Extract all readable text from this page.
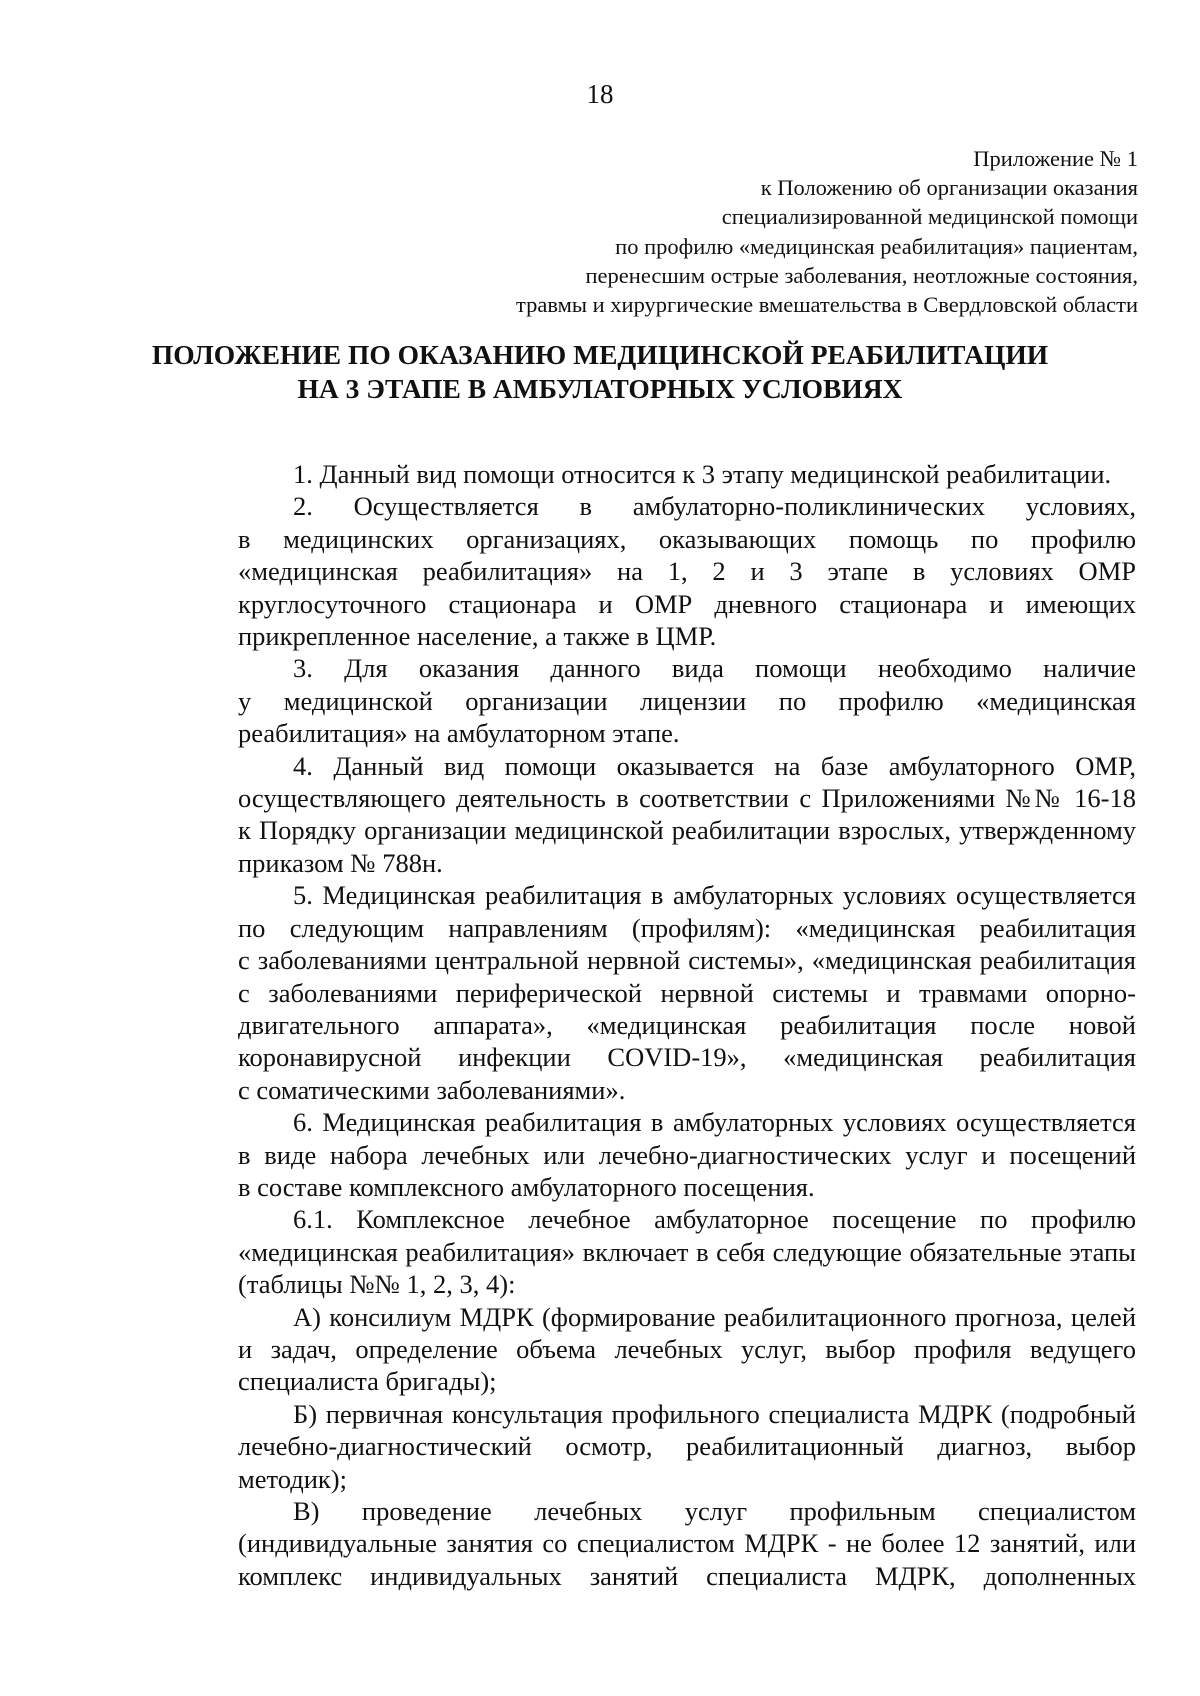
18
Приложение № 1
к Положению об организации оказания
специализированной медицинской помощи
по профилю «медицинская реабилитация» пациентам,
перенесшим острые заболевания, неотложные состояния,
травмы и хирургические вмешательства в Свердловской области
ПОЛОЖЕНИЕ ПО ОКАЗАНИЮ МЕДИЦИНСКОЙ РЕАБИЛИТАЦИИ
НА 3 ЭТАПЕ В АМБУЛАТОРНЫХ УСЛОВИЯХ
1. Данный вид помощи относится к 3 этапу медицинской реабилитации.
2. Осуществляется в амбулаторно-поликлинических условиях,
в медицинских организациях, оказывающих помощь по профилю
«медицинская реабилитация» на 1, 2 и 3 этапе в условиях ОМР
круглосуточного стационара и ОМР дневного стационара и имеющих
прикрепленное население, а также в ЦМР.
3. Для оказания данного вида помощи необходимо наличие
у медицинской организации лицензии по профилю «медицинская
реабилитация» на амбулаторном этапе.
4. Данный вид помощи оказывается на базе амбулаторного ОМР,
осуществляющего деятельность в соответствии с Приложениями №№ 16-18
к Порядку организации медицинской реабилитации взрослых, утвержденному
приказом № 788н.
5. Медицинская реабилитация в амбулаторных условиях осуществляется
по следующим направлениям (профилям): «медицинская реабилитация
с заболеваниями центральной нервной системы», «медицинская реабилитация
с заболеваниями периферической нервной системы и травмами опорно-
двигательного аппарата», «медицинская реабилитация после новой
коронавирусной инфекции COVID-19», «медицинская реабилитация
с соматическими заболеваниями».
6. Медицинская реабилитация в амбулаторных условиях осуществляется
в виде набора лечебных или лечебно-диагностических услуг и посещений
в составе комплексного амбулаторного посещения.
6.1. Комплексное лечебное амбулаторное посещение по профилю
«медицинская реабилитация» включает в себя следующие обязательные этапы
(таблицы №№ 1, 2, 3, 4):
А) консилиум МДРК (формирование реабилитационного прогноза, целей
и задач, определение объема лечебных услуг, выбор профиля ведущего
специалиста бригады);
Б) первичная консультация профильного специалиста МДРК (подробный
лечебно-диагностический осмотр, реабилитационный диагноз, выбор
методик);
В) проведение лечебных услуг профильным специалистом
(индивидуальные занятия со специалистом МДРК - не более 12 занятий, или
комплекс индивидуальных занятий специалиста МДРК, дополненных
